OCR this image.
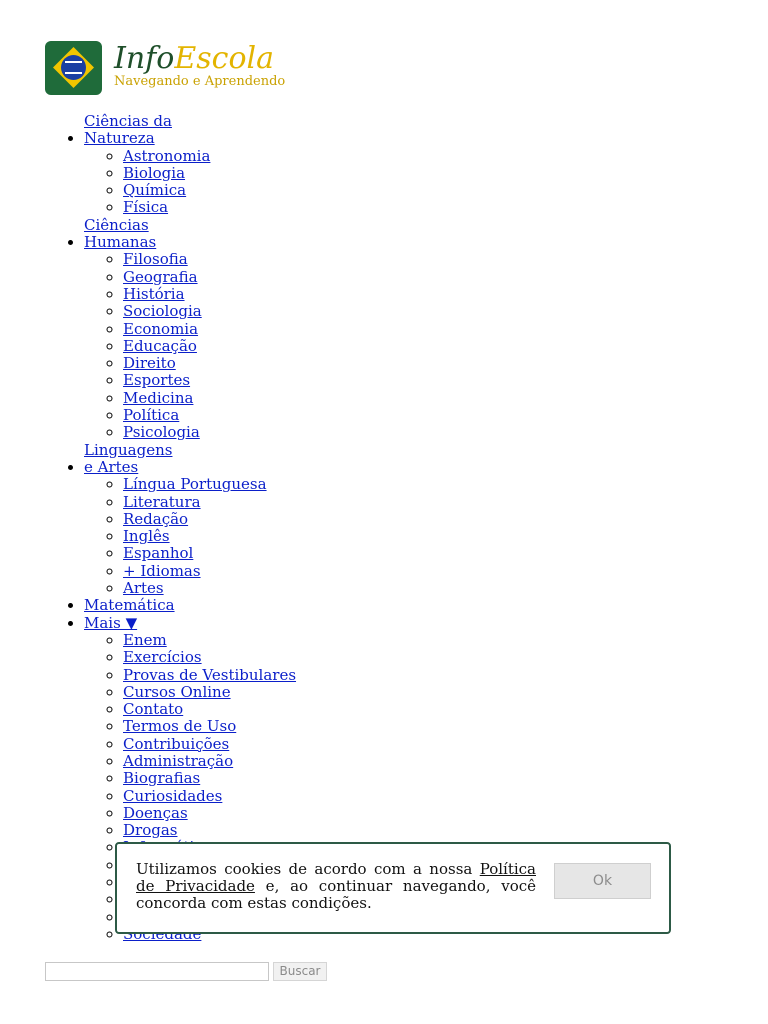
InfoEscola
Navegando e Aprendendo
• Ciências da Natureza
◦ Astronomia
◦ Biologia
◦ Química
◦ Física
• Ciências Humanas
◦ Filosofia
◦ Geografia
◦ História
◦ Sociologia
◦ Economia
◦ Educação
◦ Direito
◦ Esportes
◦ Medicina
◦ Política
◦ Psicologia
• Linguagens e Artes
◦ Língua Portuguesa
◦ Literatura
◦ Redação
◦ Inglês
◦ Espanhol
◦ + Idiomas
◦ Artes
• Matemática
• Mais ▼
◦ Enem
◦ Exercícios
◦ Provas de Vestibulares
◦ Cursos Online
◦ Contato
◦ Termos de Uso
◦ Contribuições
◦ Administração
◦ Biografias
◦ Curiosidades
◦ Doenças
◦ Drogas
◦
◦
◦
◦
◦
◦
Buscar
Utilizamos cookies de acordo com a nossa Política de Privacidade e, ao continuar navegando, você concorda com estas condições.
Ok
